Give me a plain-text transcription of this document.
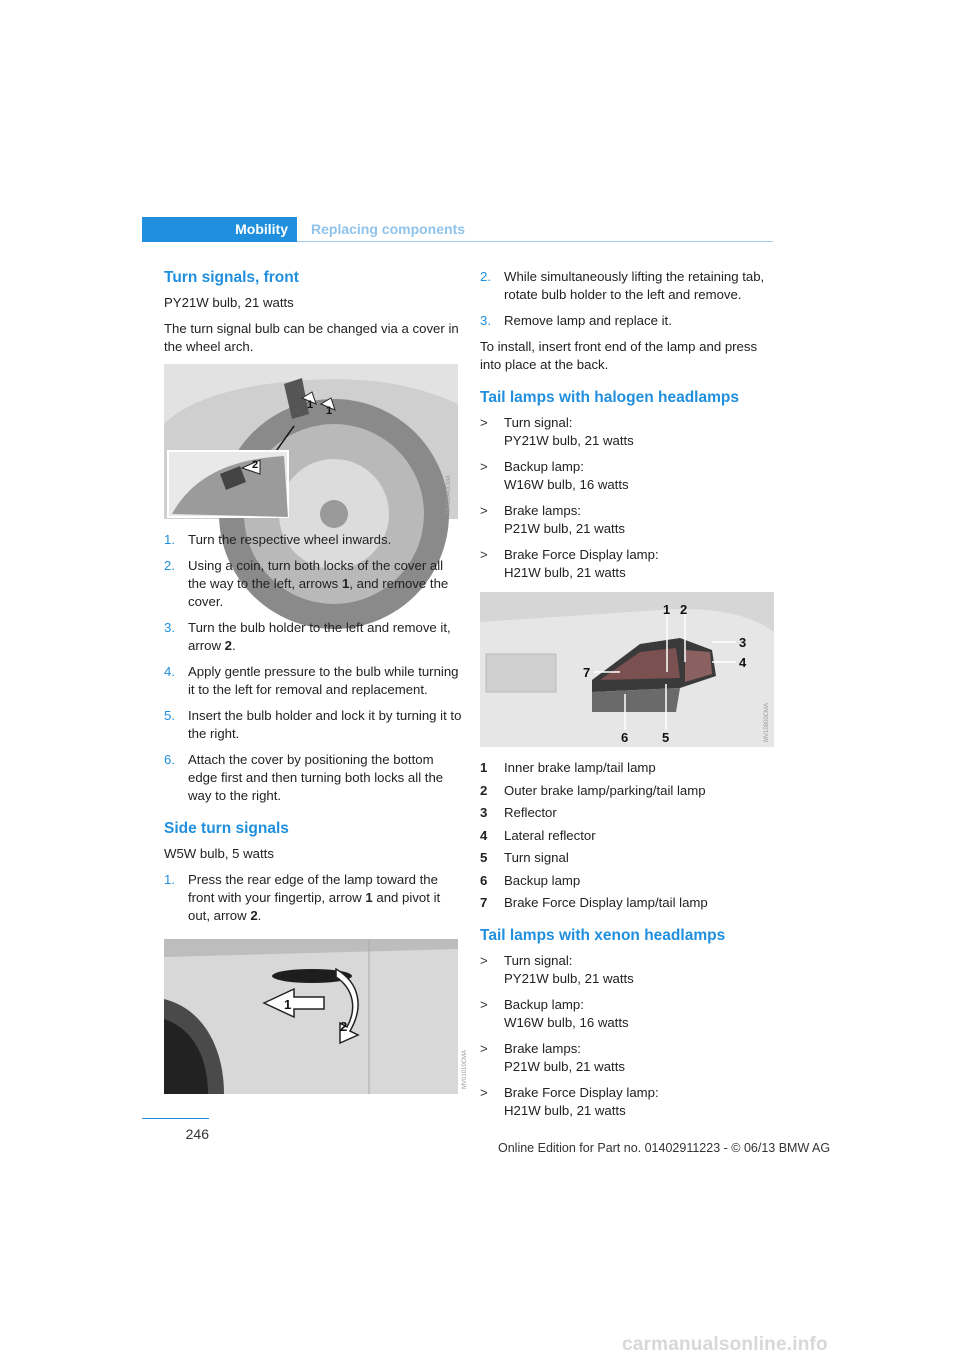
Mobility	Replacing components
Turn signals, front

PY21W bulb, 21 watts

The turn signal bulb can be changed via a cover in the wheel arch.

1 1
2
MV05040CMA
1. Turn the respective wheel inwards.
2. Using a coin, turn both locks of the cover all the way to the left, arrows 1, and remove the cover.
3. Turn the bulb holder to the left and remove it, arrow 2.
4. Apply gentle pressure to the bulb while turning it to the left for removal and replacement.
5. Insert the bulb holder and lock it by turning it to the right.
6. Attach the cover by positioning the bottom edge first and then turning both locks all the way to the right.
Side turn signals

W5W bulb, 5 watts

1. Press the rear edge of the lamp toward the front with your fingertip, arrow 1 and pivot it out, arrow 2.
1
2
MV01010CMA
2. While simultaneously lifting the retaining tab, rotate bulb holder to the left and remove.
3. Remove lamp and replace it.

To install, insert front end of the lamp and press into place at the back.

Tail lamps with halogen headlamps
> Turn signal:
PY21W bulb, 21 watts
> Backup lamp:
W16W bulb, 16 watts
> Brake lamps:
P21W bulb, 21 watts
> Brake Force Display lamp:
H21W bulb, 21 watts
1 2
3
4
5
6
7
MV10800CMA
1 Inner brake lamp/tail lamp
2 Outer brake lamp/parking/tail lamp
3 Reflector
4 Lateral reflector
5 Turn signal
6 Backup lamp
7 Brake Force Display lamp/tail lamp
Tail lamps with xenon headlamps
> Turn signal:
PY21W bulb, 21 watts
> Backup lamp:
W16W bulb, 16 watts
> Brake lamps:
P21W bulb, 21 watts
> Brake Force Display lamp:
H21W bulb, 21 watts
246
Online Edition for Part no. 01402911223 - © 06/13 BMW AG
carmanualsonline.info
